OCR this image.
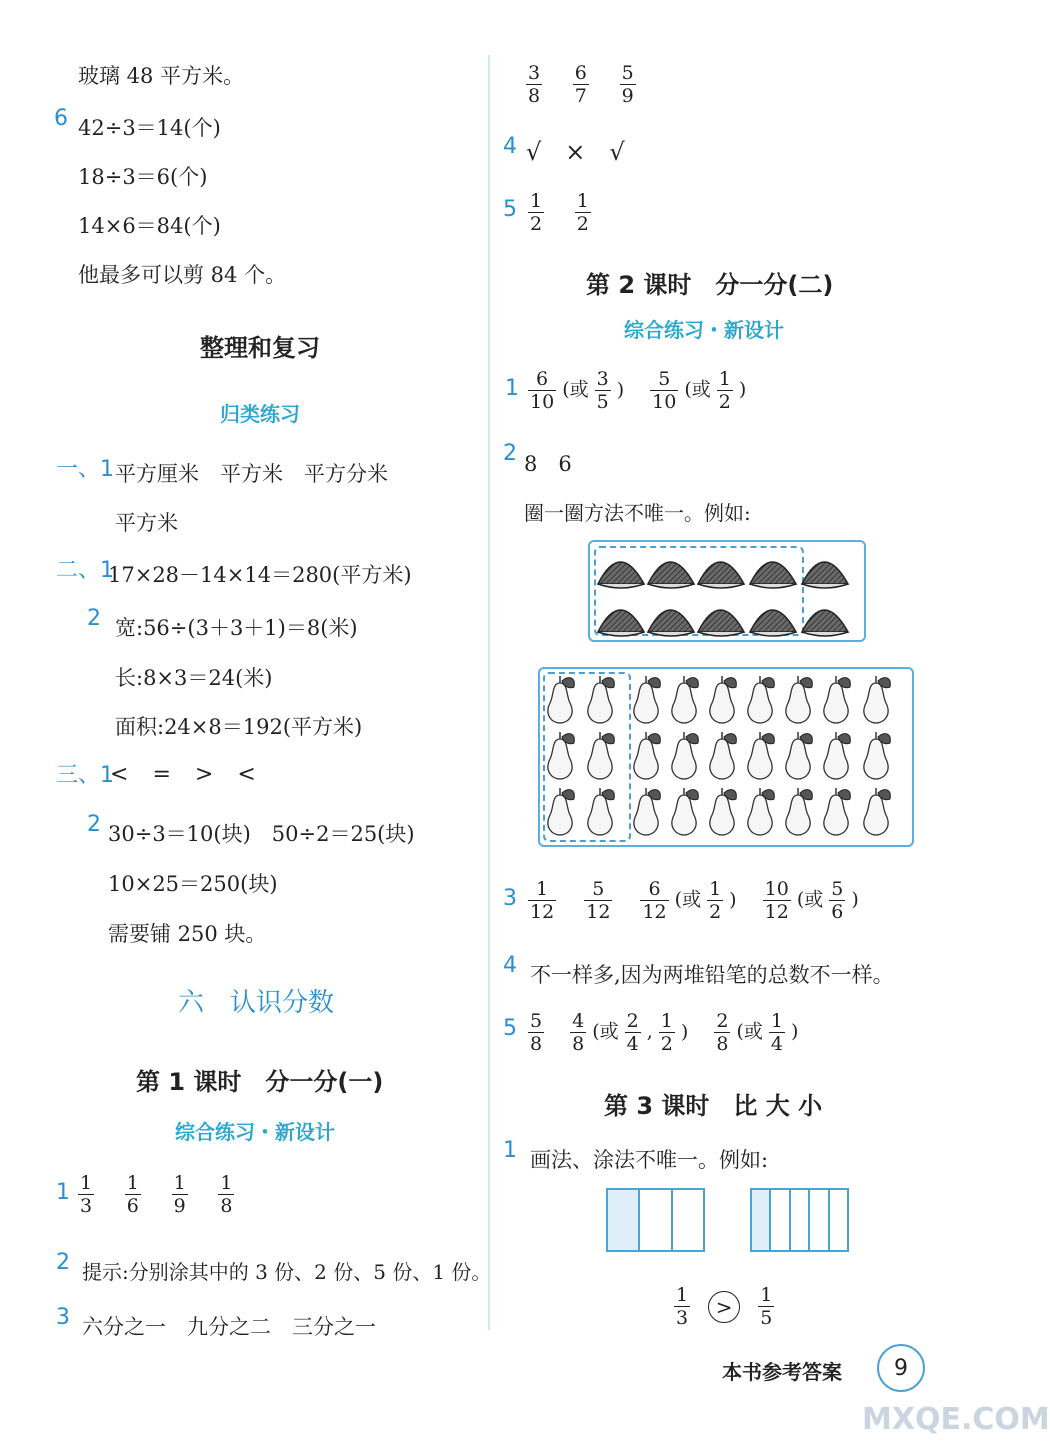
玻璃 48 平方米。
6 42÷3＝14(个)
18÷3＝6(个)
14×6＝84(个)
他最多可以剪 84 个。
整理和复习
归类练习
一、1 平方厘米　平方米　平方分米
平方米
二、1
17×28－14×14＝280(平方米)
2 宽:56÷(3＋3＋1)＝8(米)
长:8×3＝24(米)
面积:24×8＝192(平方米)
三、1
< = > <
2 30÷3＝10(块)　50÷2＝25(块)
10×25＝250(块)
需要铺 250 块。
六　认识分数
第 1 课时　分一分(一)
综合练习・新设计
$1 \frac{1}{3}$
$\frac{1}{6}$
$\frac{1}{9}$
$\frac{1}{8}$
2 提示:分别涂其中的 3 份、2 份、5 份、1 份。
3 六分之一　九分之二　三分之一
$\frac{3}{8}$
$\frac{6}{7}$
$\frac{5}{9}$
4 √ × √
$5 \frac{1}{2}$
$\frac{1}{2}$
第 2 课时　分一分(二)
综合练习・新设计
$1 \frac{6}{10}$ (或 $\frac{3}{5}$ ) $\frac{5}{10}$ (或 $\frac{1}{2}$ )
2 8　6
圈一圈方法不唯一。例如:
$3 \frac{1}{12}$
$\frac{5}{12}$
$\frac{6}{12}$ (或 $\frac{1}{2}$ ) $\frac{10}{12}$ (或 $\frac{5}{6}$ )
4 不一样多,因为两堆铅笔的总数不一样。
$5 \frac{5}{8}$
$\frac{4}{8}$ (或 $\frac{2}{4}$ , $\frac{1}{2}$ ) $\frac{2}{8}$ (或 $\frac{1}{4}$ )
第 3 课时　比 大 小
1 画法、涂法不唯一。例如:
$\frac{1}{3} > \frac{1}{5}$
本书参考答案	9
MXQE.COM
